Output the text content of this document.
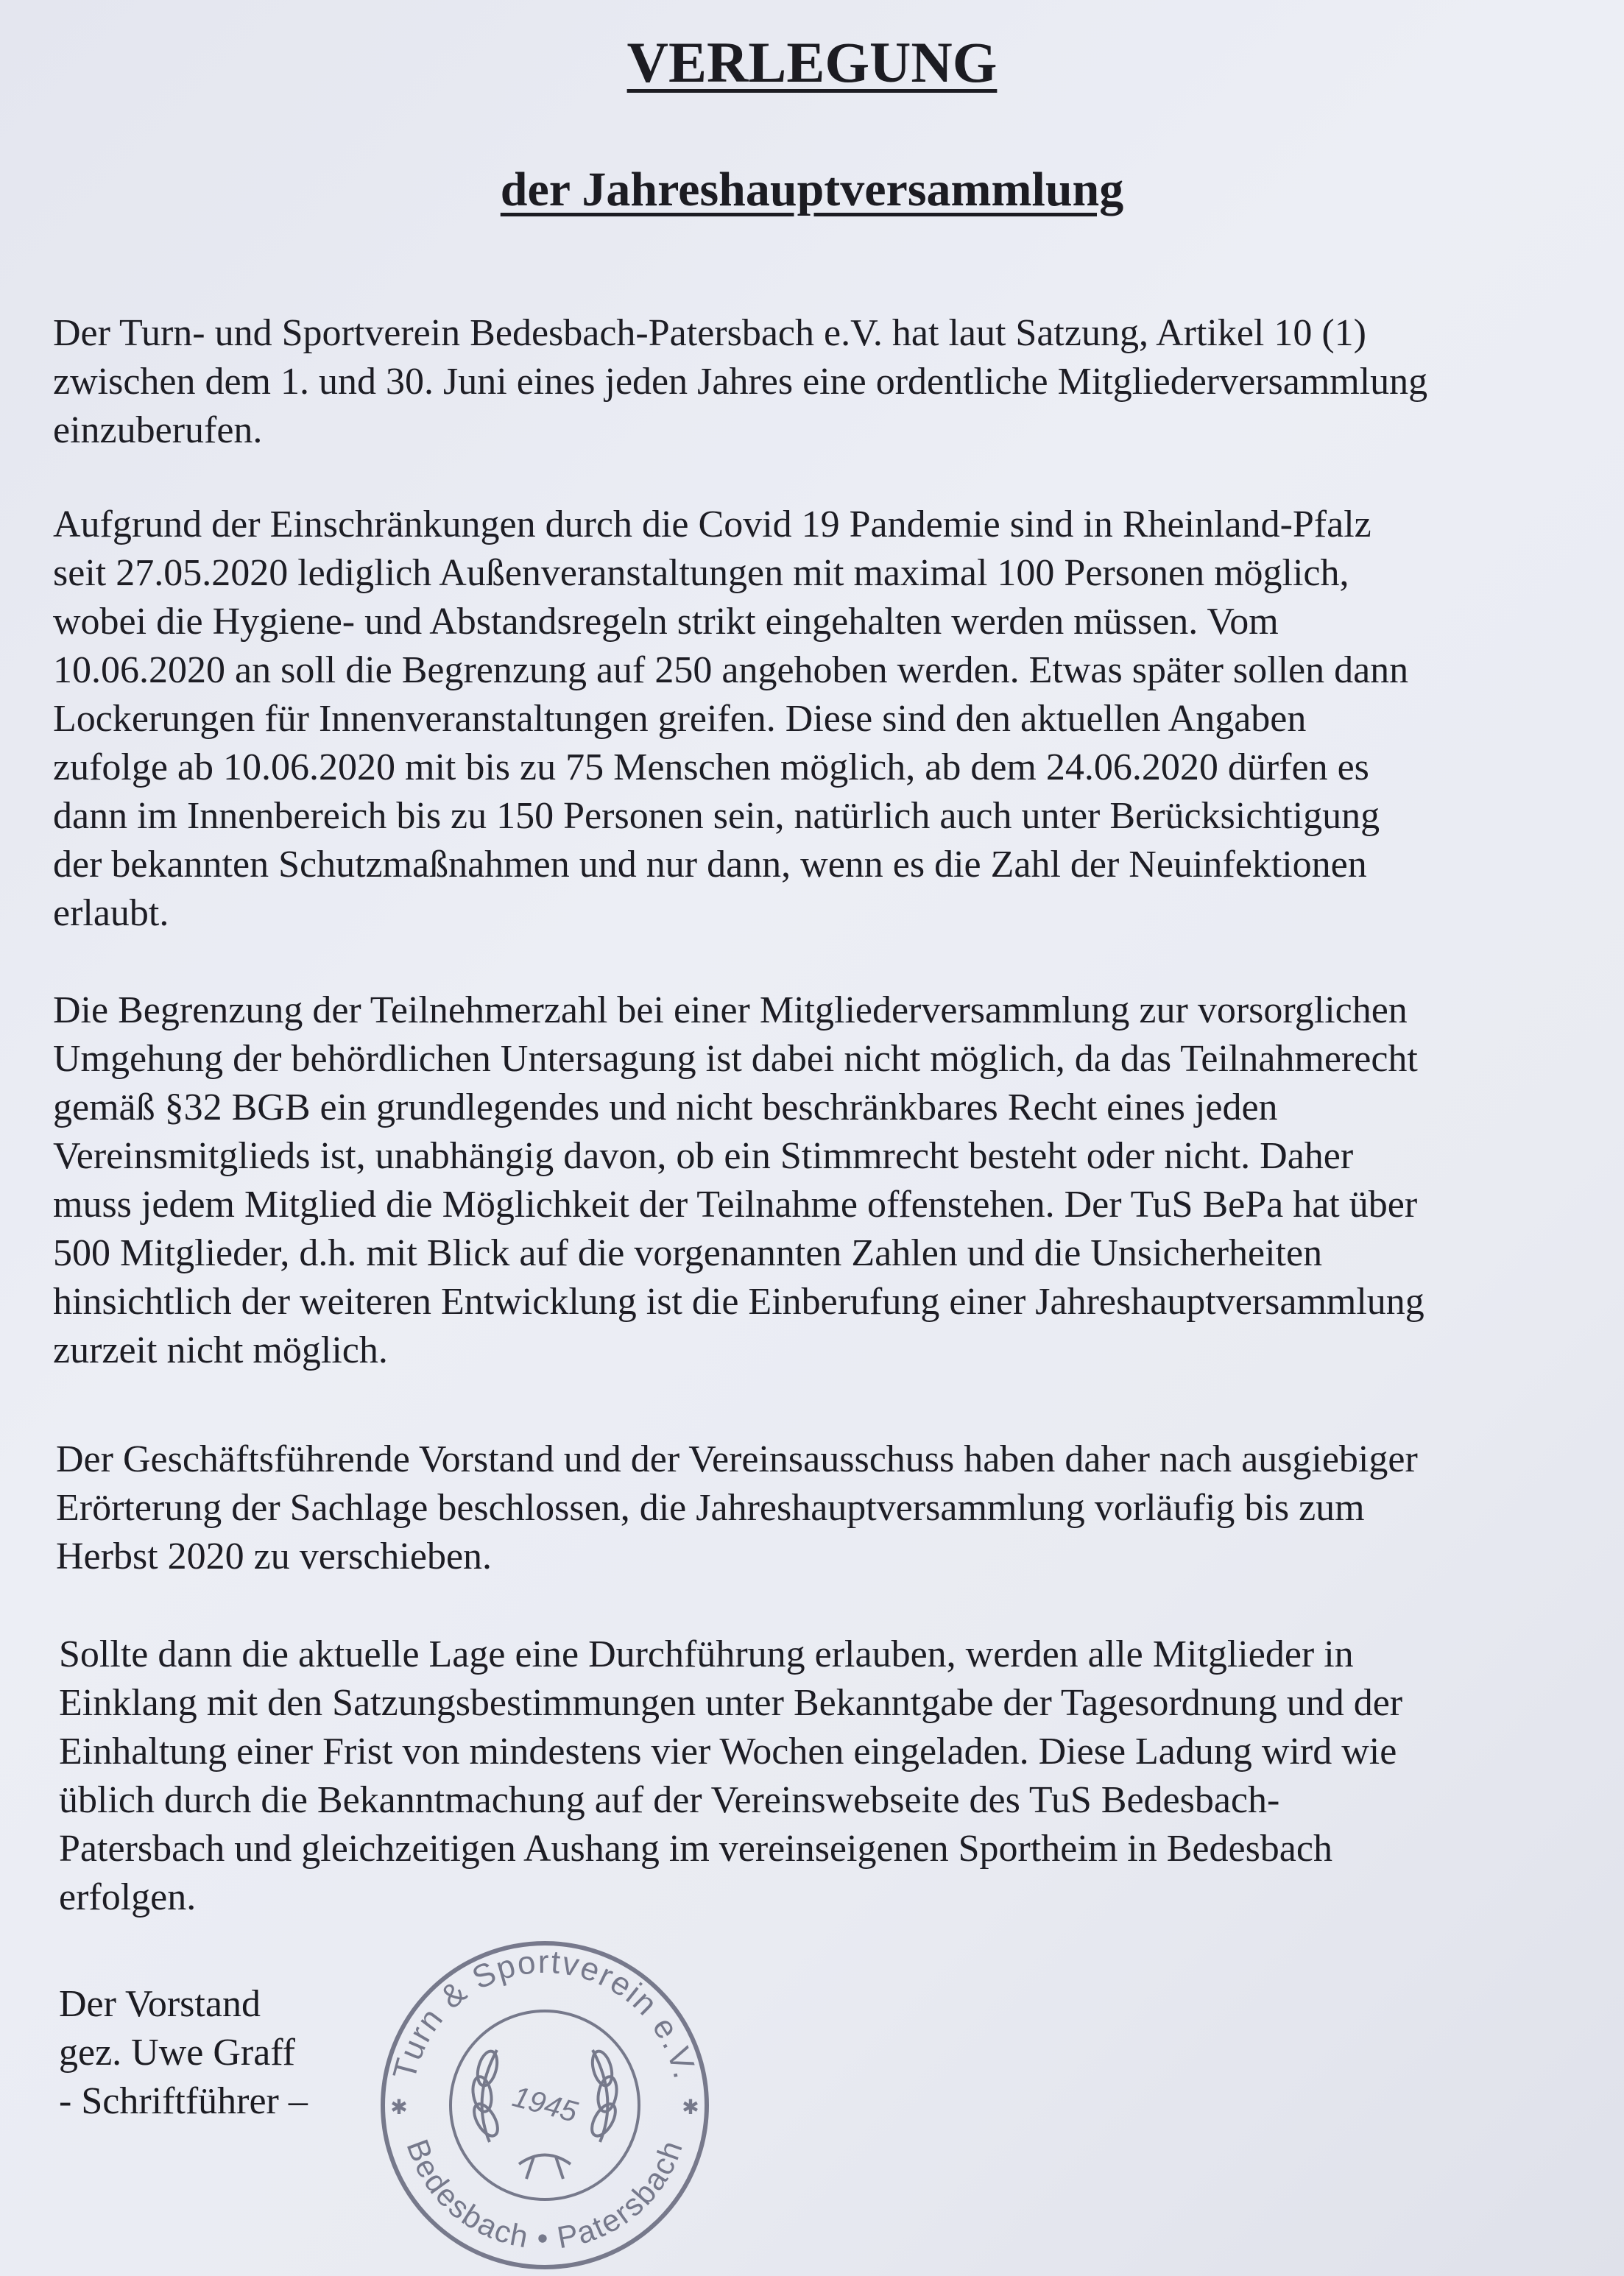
VERLEGUNG
der Jahreshauptversammlung

Der Turn- und Sportverein Bedesbach-Patersbach e.V. hat laut Satzung, Artikel 10 (1)
zwischen dem 1. und 30. Juni eines jeden Jahres eine ordentliche Mitgliederversammlung
einzuberufen.

Aufgrund der Einschränkungen durch die Covid 19 Pandemie sind in Rheinland-Pfalz
seit 27.05.2020 lediglich Außenveranstaltungen mit maximal 100 Personen möglich,
wobei die Hygiene- und Abstandsregeln strikt eingehalten werden müssen. Vom
10.06.2020 an soll die Begrenzung auf 250 angehoben werden. Etwas später sollen dann
Lockerungen für Innenveranstaltungen greifen. Diese sind den aktuellen Angaben
zufolge ab 10.06.2020 mit bis zu 75 Menschen möglich, ab dem 24.06.2020 dürfen es
dann im Innenbereich bis zu 150 Personen sein, natürlich auch unter Berücksichtigung
der bekannten Schutzmaßnahmen und nur dann, wenn es die Zahl der Neuinfektionen
erlaubt.

Die Begrenzung der Teilnehmerzahl bei einer Mitgliederversammlung zur vorsorglichen
Umgehung der behördlichen Untersagung ist dabei nicht möglich, da das Teilnahmerecht
gemäß §32 BGB ein grundlegendes und nicht beschränkbares Recht eines jeden
Vereinsmitglieds ist, unabhängig davon, ob ein Stimmrecht besteht oder nicht. Daher
muss jedem Mitglied die Möglichkeit der Teilnahme offenstehen. Der TuS BePa hat über
500 Mitglieder, d.h. mit Blick auf die vorgenannten Zahlen und die Unsicherheiten
hinsichtlich der weiteren Entwicklung ist die Einberufung einer Jahreshauptversammlung
zurzeit nicht möglich.

Der Geschäftsführende Vorstand und der Vereinsausschuss haben daher nach ausgiebiger
Erörterung der Sachlage beschlossen, die Jahreshauptversammlung vorläufig bis zum
Herbst 2020 zu verschieben.

Sollte dann die aktuelle Lage eine Durchführung erlauben, werden alle Mitglieder in
Einklang mit den Satzungsbestimmungen unter Bekanntgabe der Tagesordnung und der
Einhaltung einer Frist von mindestens vier Wochen eingeladen. Diese Ladung wird wie
üblich durch die Bekanntmachung auf der Vereinswebseite des TuS Bedesbach-
Patersbach und gleichzeitigen Aushang im vereinseigenen Sportheim in Bedesbach
erfolgen.

Der Vorstand
gez. Uwe Graff
- Schriftführer –
Turn & Sportverein e.V.
Bedesbach • Patersbach
1945
✱	✱
